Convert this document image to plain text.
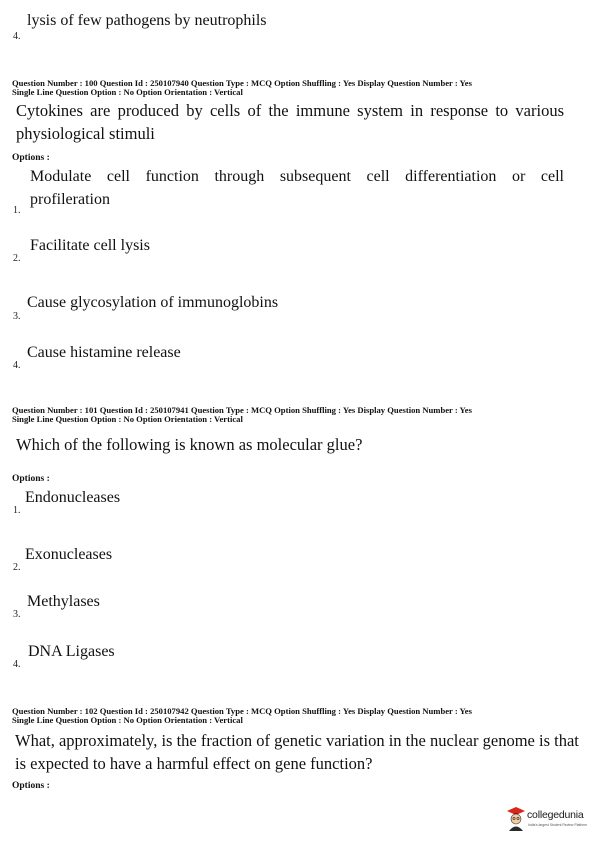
lysis of few pathogens by neutrophils
4.
Question Number : 100 Question Id : 250107940 Question Type : MCQ Option Shuffling : Yes Display Question Number : Yes
Single Line Question Option : No Option Orientation : Vertical
Cytokines are produced by cells of the immune system in response to various
physiological stimuli
Options :
Modulate cell function through subsequent cell differentiation or cell
profileration
1.
Facilitate cell lysis
2.
Cause glycosylation of immunoglobins
3.
Cause histamine release
4.
Question Number : 101 Question Id : 250107941 Question Type : MCQ Option Shuffling : Yes Display Question Number : Yes
Single Line Question Option : No Option Orientation : Vertical
Which of the following is known as molecular glue?
Options :
Endonucleases
1.
Exonucleases
2.
Methylases
3.
DNA Ligases
4.
Question Number : 102 Question Id : 250107942 Question Type : MCQ Option Shuffling : Yes Display Question Number : Yes
Single Line Question Option : No Option Orientation : Vertical
What, approximately, is the fraction of genetic variation in the nuclear genome is that
is expected to have a harmful effect on gene function?
Options :
collegedunia
India's largest Student Review Platform
